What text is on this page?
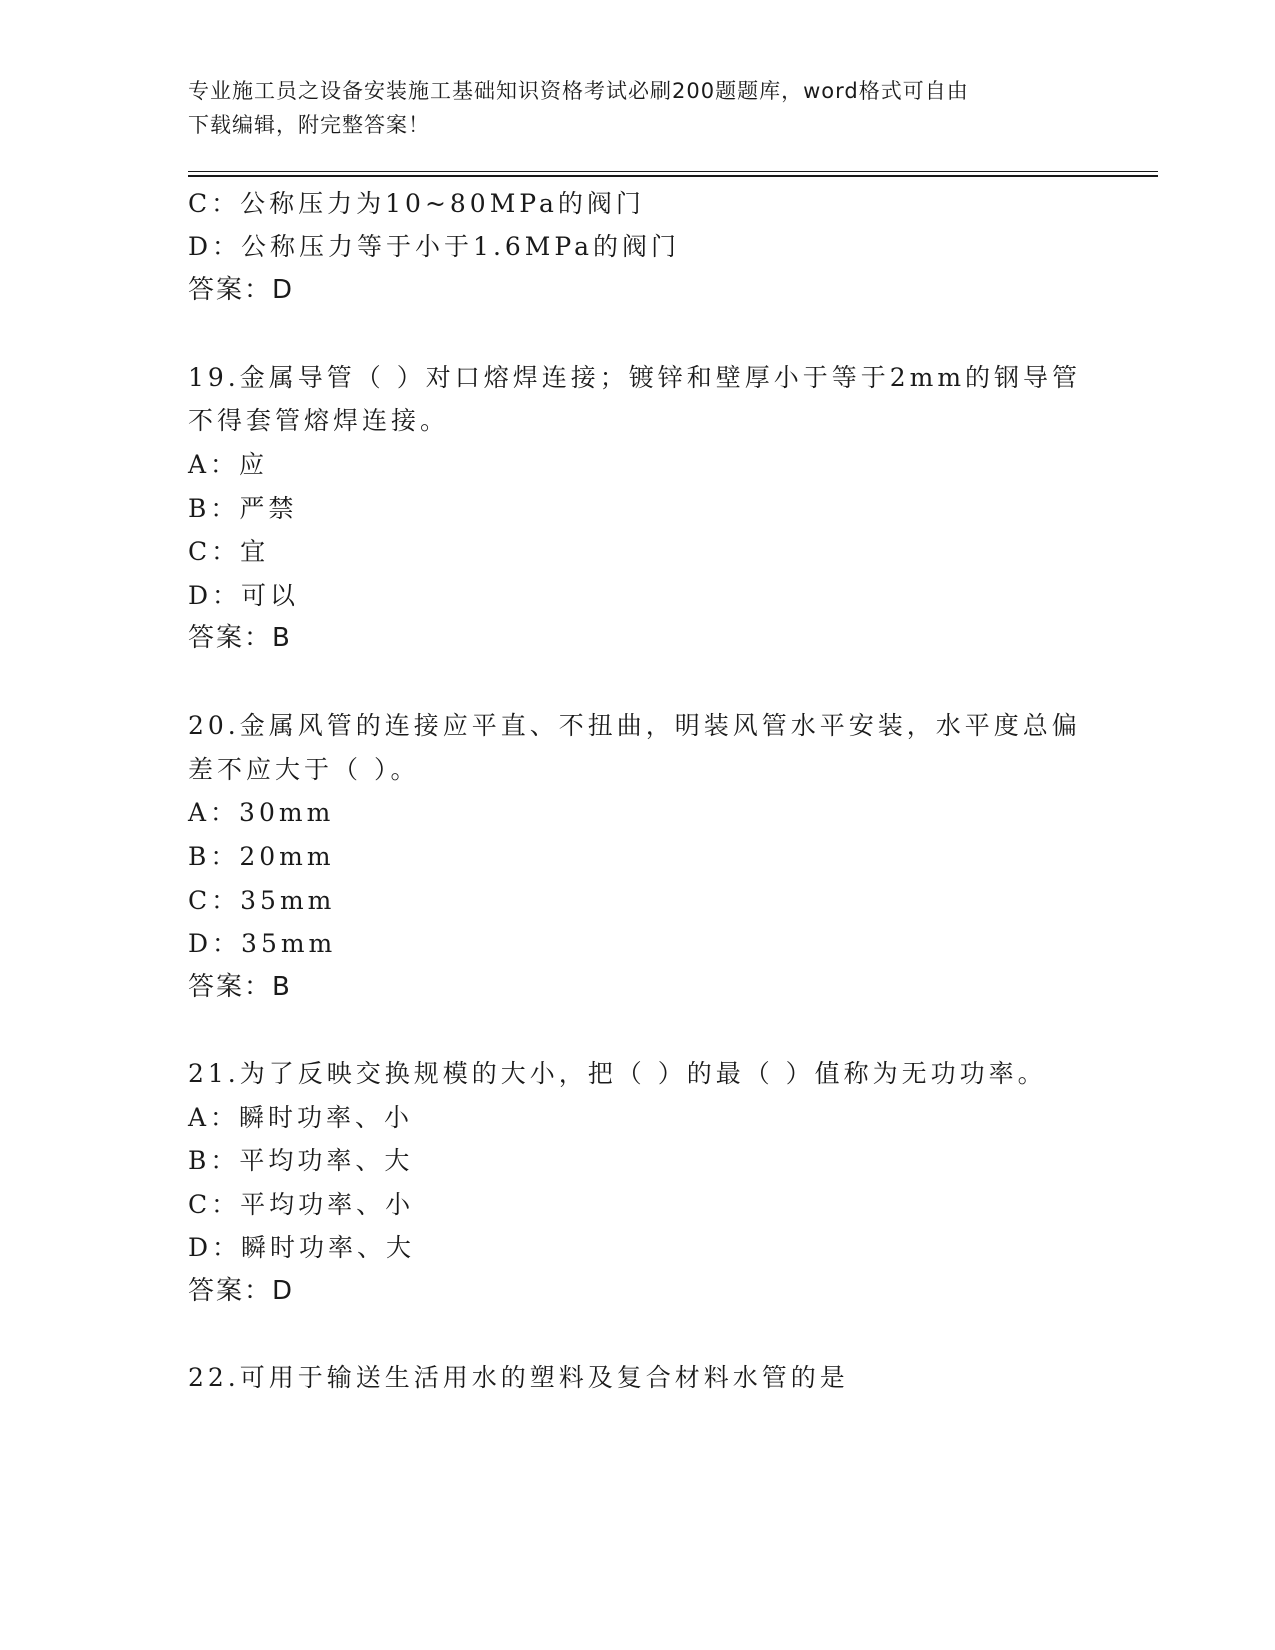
专业施工员之设备安装施工基础知识资格考试必刷200题题库，word格式可自由
下载编辑，附完整答案！
C：公称压力为10~80MPa的阀门
D：公称压力等于小于1.6MPa的阀门
答案：D
19.金属导管（ ）对口熔焊连接；镀锌和壁厚小于等于2mm的钢导管
不得套管熔焊连接。
A：应
B：严禁
C：宜
D：可以
答案：B
20.金属风管的连接应平直、不扭曲，明装风管水平安装，水平度总偏
差不应大于（ ）。
A：30mm
B：20mm
C：35mm
D：35mm
答案：B
21.为了反映交换规模的大小，把（ ）的最（ ）值称为无功功率。
A：瞬时功率、小
B：平均功率、大
C：平均功率、小
D：瞬时功率、大
答案：D
22.可用于输送生活用水的塑料及复合材料水管的是
